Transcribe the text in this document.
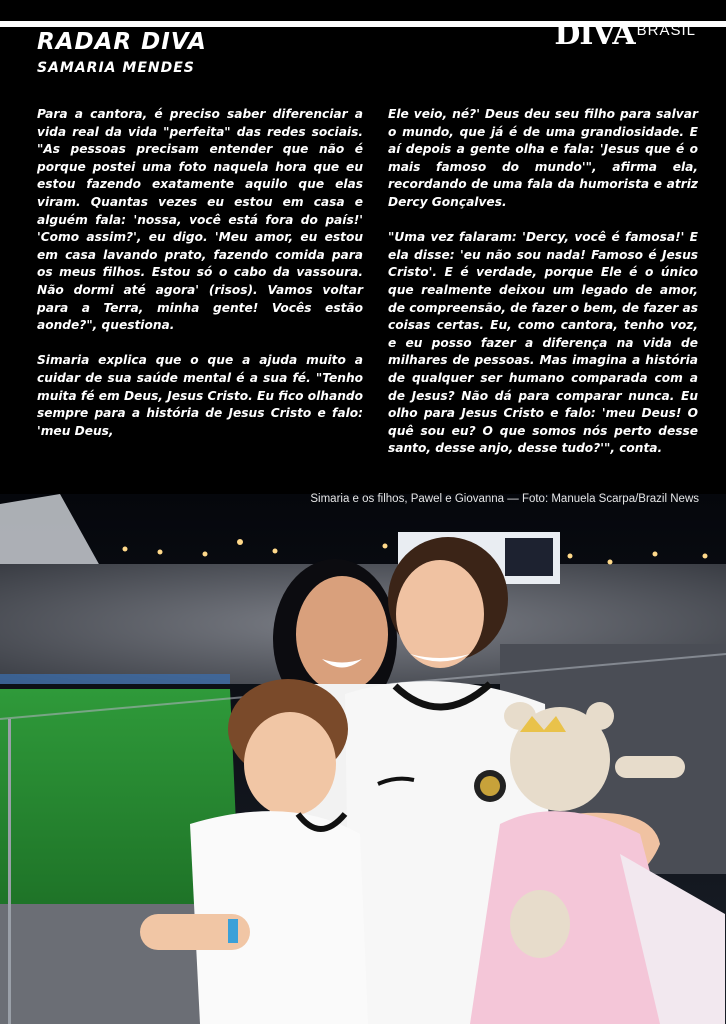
DIVA BRASIL
RADAR DIVA
SAMARIA MENDES

Para a cantora, é preciso saber diferenciar a vida real da vida "perfeita" das redes sociais. "As pessoas precisam entender que não é porque postei uma foto naquela hora que eu estou fazendo exatamente aquilo que elas viram. Quantas vezes eu estou em casa e alguém fala: 'nossa, você está fora do país!' 'Como assim?', eu digo. 'Meu amor, eu estou em casa lavando prato, fazendo comida para os meus filhos. Estou só o cabo da vassoura. Não dormi até agora' (risos). Vamos voltar para a Terra, minha gente! Vocês estão aonde?", questiona.

Simaria explica que o que a ajuda muito a cuidar de sua saúde mental é a sua fé. "Tenho muita fé em Deus, Jesus Cristo. Eu fico olhando sempre para a história de Jesus Cristo e falo: 'meu Deus,

Ele veio, né?' Deus deu seu filho para salvar o mundo, que já é de uma grandiosidade. E aí depois a gente olha e fala: 'Jesus que é o mais famoso do mundo'", afirma ela, recordando de uma fala da humorista e atriz Dercy Gonçalves.

"Uma vez falaram: 'Dercy, você é famosa!' E ela disse: 'eu não sou nada! Famoso é Jesus Cristo'. E é verdade, porque Ele é o único que realmente deixou um legado de amor, de compreensão, de fazer o bem, de fazer as coisas certas. Eu, como cantora, tenho voz, e eu posso fazer a diferença na vida de milhares de pessoas. Mas imagina a história de qualquer ser humano comparada com a de Jesus? Não dá para comparar nunca. Eu olho para Jesus Cristo e falo: 'meu Deus! O quê sou eu? O que somos nós perto desse santo, desse anjo, desse tudo?'", conta.

Simaria e os filhos, Pawel e Giovanna — Foto: Manuela Scarpa/Brazil News
